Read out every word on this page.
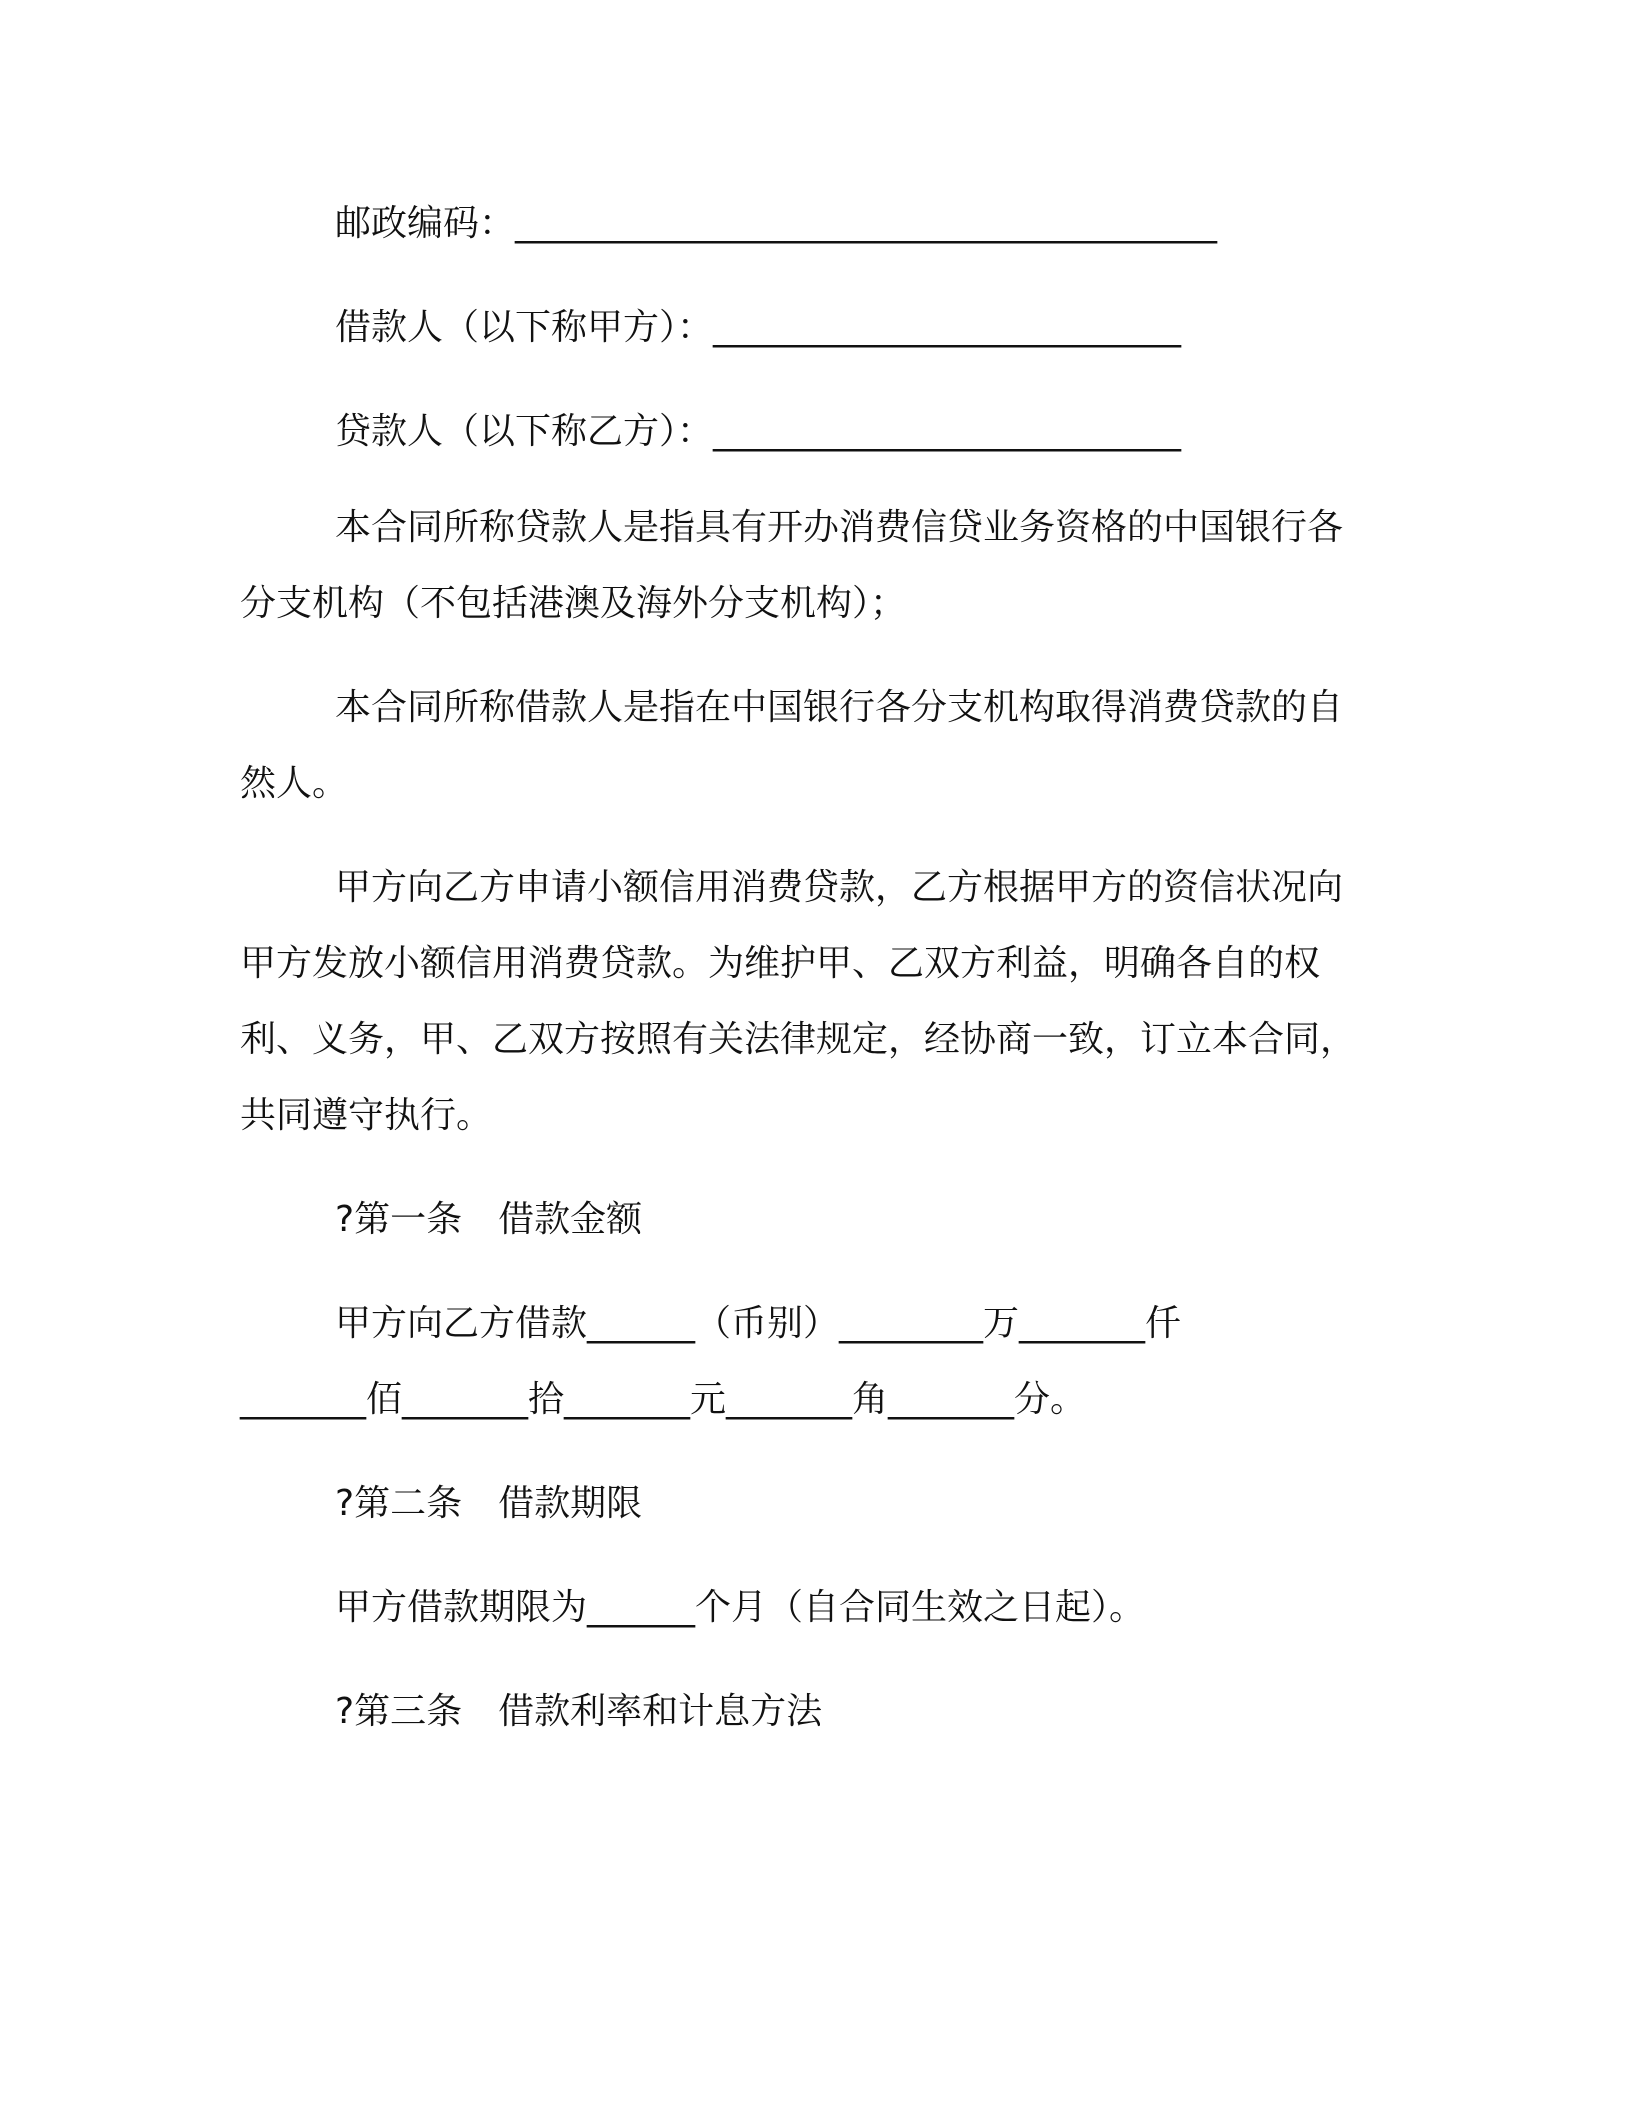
邮政编码：_______________________________________
借款人（以下称甲方）：__________________________
贷款人（以下称乙方）：__________________________
本合同所称贷款人是指具有开办消费信贷业务资格的中国银行各
分支机构（不包括港澳及海外分支机构）；
本合同所称借款人是指在中国银行各分支机构取得消费贷款的自
然人。
甲方向乙方申请小额信用消费贷款，乙方根据甲方的资信状况向
甲方发放小额信用消费贷款。为维护甲、乙双方利益，明确各自的权
利、义务，甲、乙双方按照有关法律规定，经协商一致，订立本合同，
共同遵守执行。
?第一条　借款金额
甲方向乙方借款______（币别）________万_______仟
_______佰_______拾_______元_______角_______分。
?第二条　借款期限
甲方借款期限为______个月（自合同生效之日起）。
?第三条　借款利率和计息方法
